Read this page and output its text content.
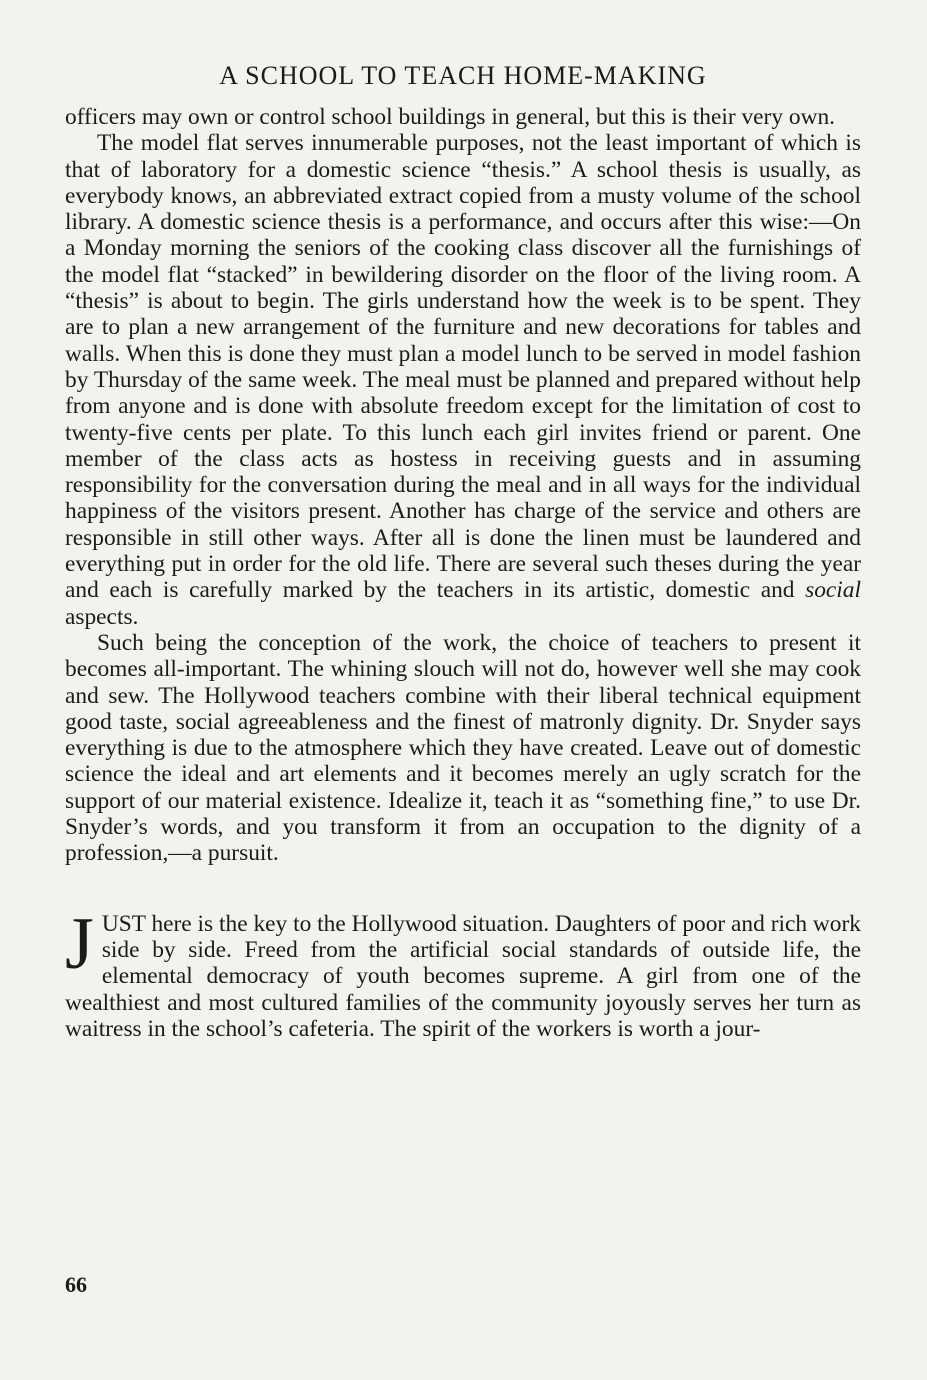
A SCHOOL TO TEACH HOME-MAKING

officers may own or control school buildings in general, but this is their very own.

The model flat serves innumerable purposes, not the least important of which is that of laboratory for a domestic science “thesis.” A school thesis is usually, as everybody knows, an abbreviated extract copied from a musty volume of the school library. A domestic science thesis is a performance, and occurs after this wise:—On a Monday morning the seniors of the cooking class discover all the furnishings of the model flat “stacked” in bewildering disorder on the floor of the living room. A “thesis” is about to begin. The girls understand how the week is to be spent. They are to plan a new arrangement of the furniture and new decorations for tables and walls. When this is done they must plan a model lunch to be served in model fashion by Thursday of the same week. The meal must be planned and prepared without help from anyone and is done with absolute freedom except for the limitation of cost to twenty-five cents per plate. To this lunch each girl invites friend or parent. One member of the class acts as hostess in receiving guests and in assuming responsibility for the conversation during the meal and in all ways for the individual happiness of the visitors present. Another has charge of the service and others are responsible in still other ways. After all is done the linen must be laundered and everything put in order for the old life. There are several such theses during the year and each is carefully marked by the teachers in its artistic, domestic and social aspects.

Such being the conception of the work, the choice of teachers to present it becomes all-important. The whining slouch will not do, however well she may cook and sew. The Hollywood teachers combine with their liberal technical equipment good taste, social agreeableness and the finest of matronly dignity. Dr. Snyder says everything is due to the atmosphere which they have created. Leave out of domestic science the ideal and art elements and it becomes merely an ugly scratch for the support of our material existence. Idealize it, teach it as “something fine,” to use Dr. Snyder’s words, and you transform it from an occupation to the dignity of a profession,—a pursuit.

JUST here is the key to the Hollywood situation. Daughters of poor and rich work side by side. Freed from the artificial social standards of outside life, the elemental democracy of youth becomes supreme. A girl from one of the wealthiest and most cultured families of the community joyously serves her turn as waitress in the school’s cafeteria. The spirit of the workers is worth a jour-

66
